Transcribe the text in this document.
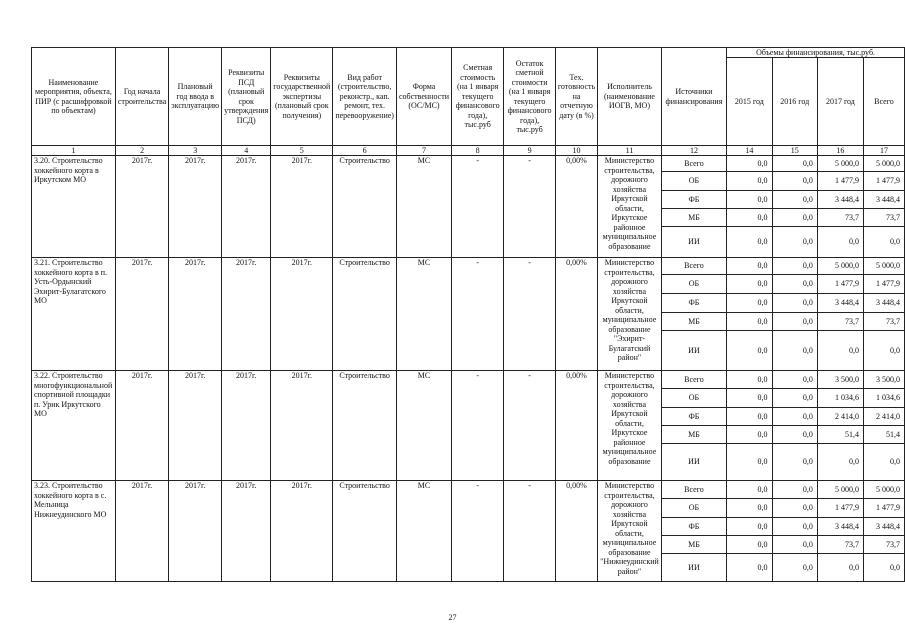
Наименование мероприятия, объекта, ПИР (с расшифровкой по объектам)	Год начала строительства	Плановый год ввода в эксплуатацию	Реквизиты ПСД (плановый срок утверждения ПСД)	Реквизиты государственной экспертизы (плановый срок получения)	Вид работ (строительство, реконстр., кап. ремонт, тех. перевооружение)	Форма собственности (ОС/МС)	Сметная стоимость (на 1 января текущего финансового года), тыс.руб	Остаток сметной стоимости (на 1 января текущего финансового года), тыс.руб	Тех. готовность на отчетную дату (в %)	Исполнитель (наименование ИОГВ, МО)	Источники финансирования	Объемы финансирования, тыс.руб.			
												2015 год	2016 год	2017 год	Всего
1	2	3	4	5	6	7	8	9	10	11	12	14	15	16	17
3.20. Строительство хоккейного корта в Иркутском МО	2017г.	2017г.	2017г.	2017г.	Строительство	МС	-	-	0,00%	Министерство строительства, дорожного хозяйства Иркутской области, Иркутское районное муниципальное образование	Всего	0,0	0,0	5 000,0	5 000,0
											ОБ	0,0	0,0	1 477,9	1 477,9
											ФБ	0,0	0,0	3 448,4	3 448,4
											МБ	0,0	0,0	73,7	73,7
											ИИ	0,0	0,0	0,0	0,0
3.21. Строительство хоккейного корта в п. Усть-Ордынский Эхирит-Булагатского МО	2017г.	2017г.	2017г.	2017г.	Строительство	МС	-	-	0,00%	Министерство строительства, дорожного хозяйства Иркутской области, муниципальное образование "Эхирит-Булагатский район"	Всего	0,0	0,0	5 000,0	5 000,0
											ОБ	0,0	0,0	1 477,9	1 477,9
											ФБ	0,0	0,0	3 448,4	3 448,4
											МБ	0,0	0,0	73,7	73,7
											ИИ	0,0	0,0	0,0	0,0
3.22. Строительство многофункциональной спортивной площадки п. Урик Иркутского МО	2017г.	2017г.	2017г.	2017г.	Строительство	МС	-	-	0,00%	Министерство строительства, дорожного хозяйства Иркутской области, Иркутское районное муниципальное образование	Всего	0,0	0,0	3 500,0	3 500,0
											ОБ	0,0	0,0	1 034,6	1 034,6
											ФБ	0,0	0,0	2 414,0	2 414,0
											МБ	0,0	0,0	51,4	51,4
											ИИ	0,0	0,0	0,0	0,0
3.23. Строительство хоккейного корта в с. Мельница Нижнеудинского МО	2017г.	2017г.	2017г.	2017г.	Строительство	МС	-	-	0,00%	Министерство строительства, дорожного хозяйства Иркутской области, муниципальное образование "Нижнеудинский район"	Всего	0,0	0,0	5 000,0	5 000,0
											ОБ	0,0	0,0	1 477,9	1 477,9
											ФБ	0,0	0,0	3 448,4	3 448,4
											МБ	0,0	0,0	73,7	73,7
											ИИ	0,0	0,0	0,0	0,0
27
